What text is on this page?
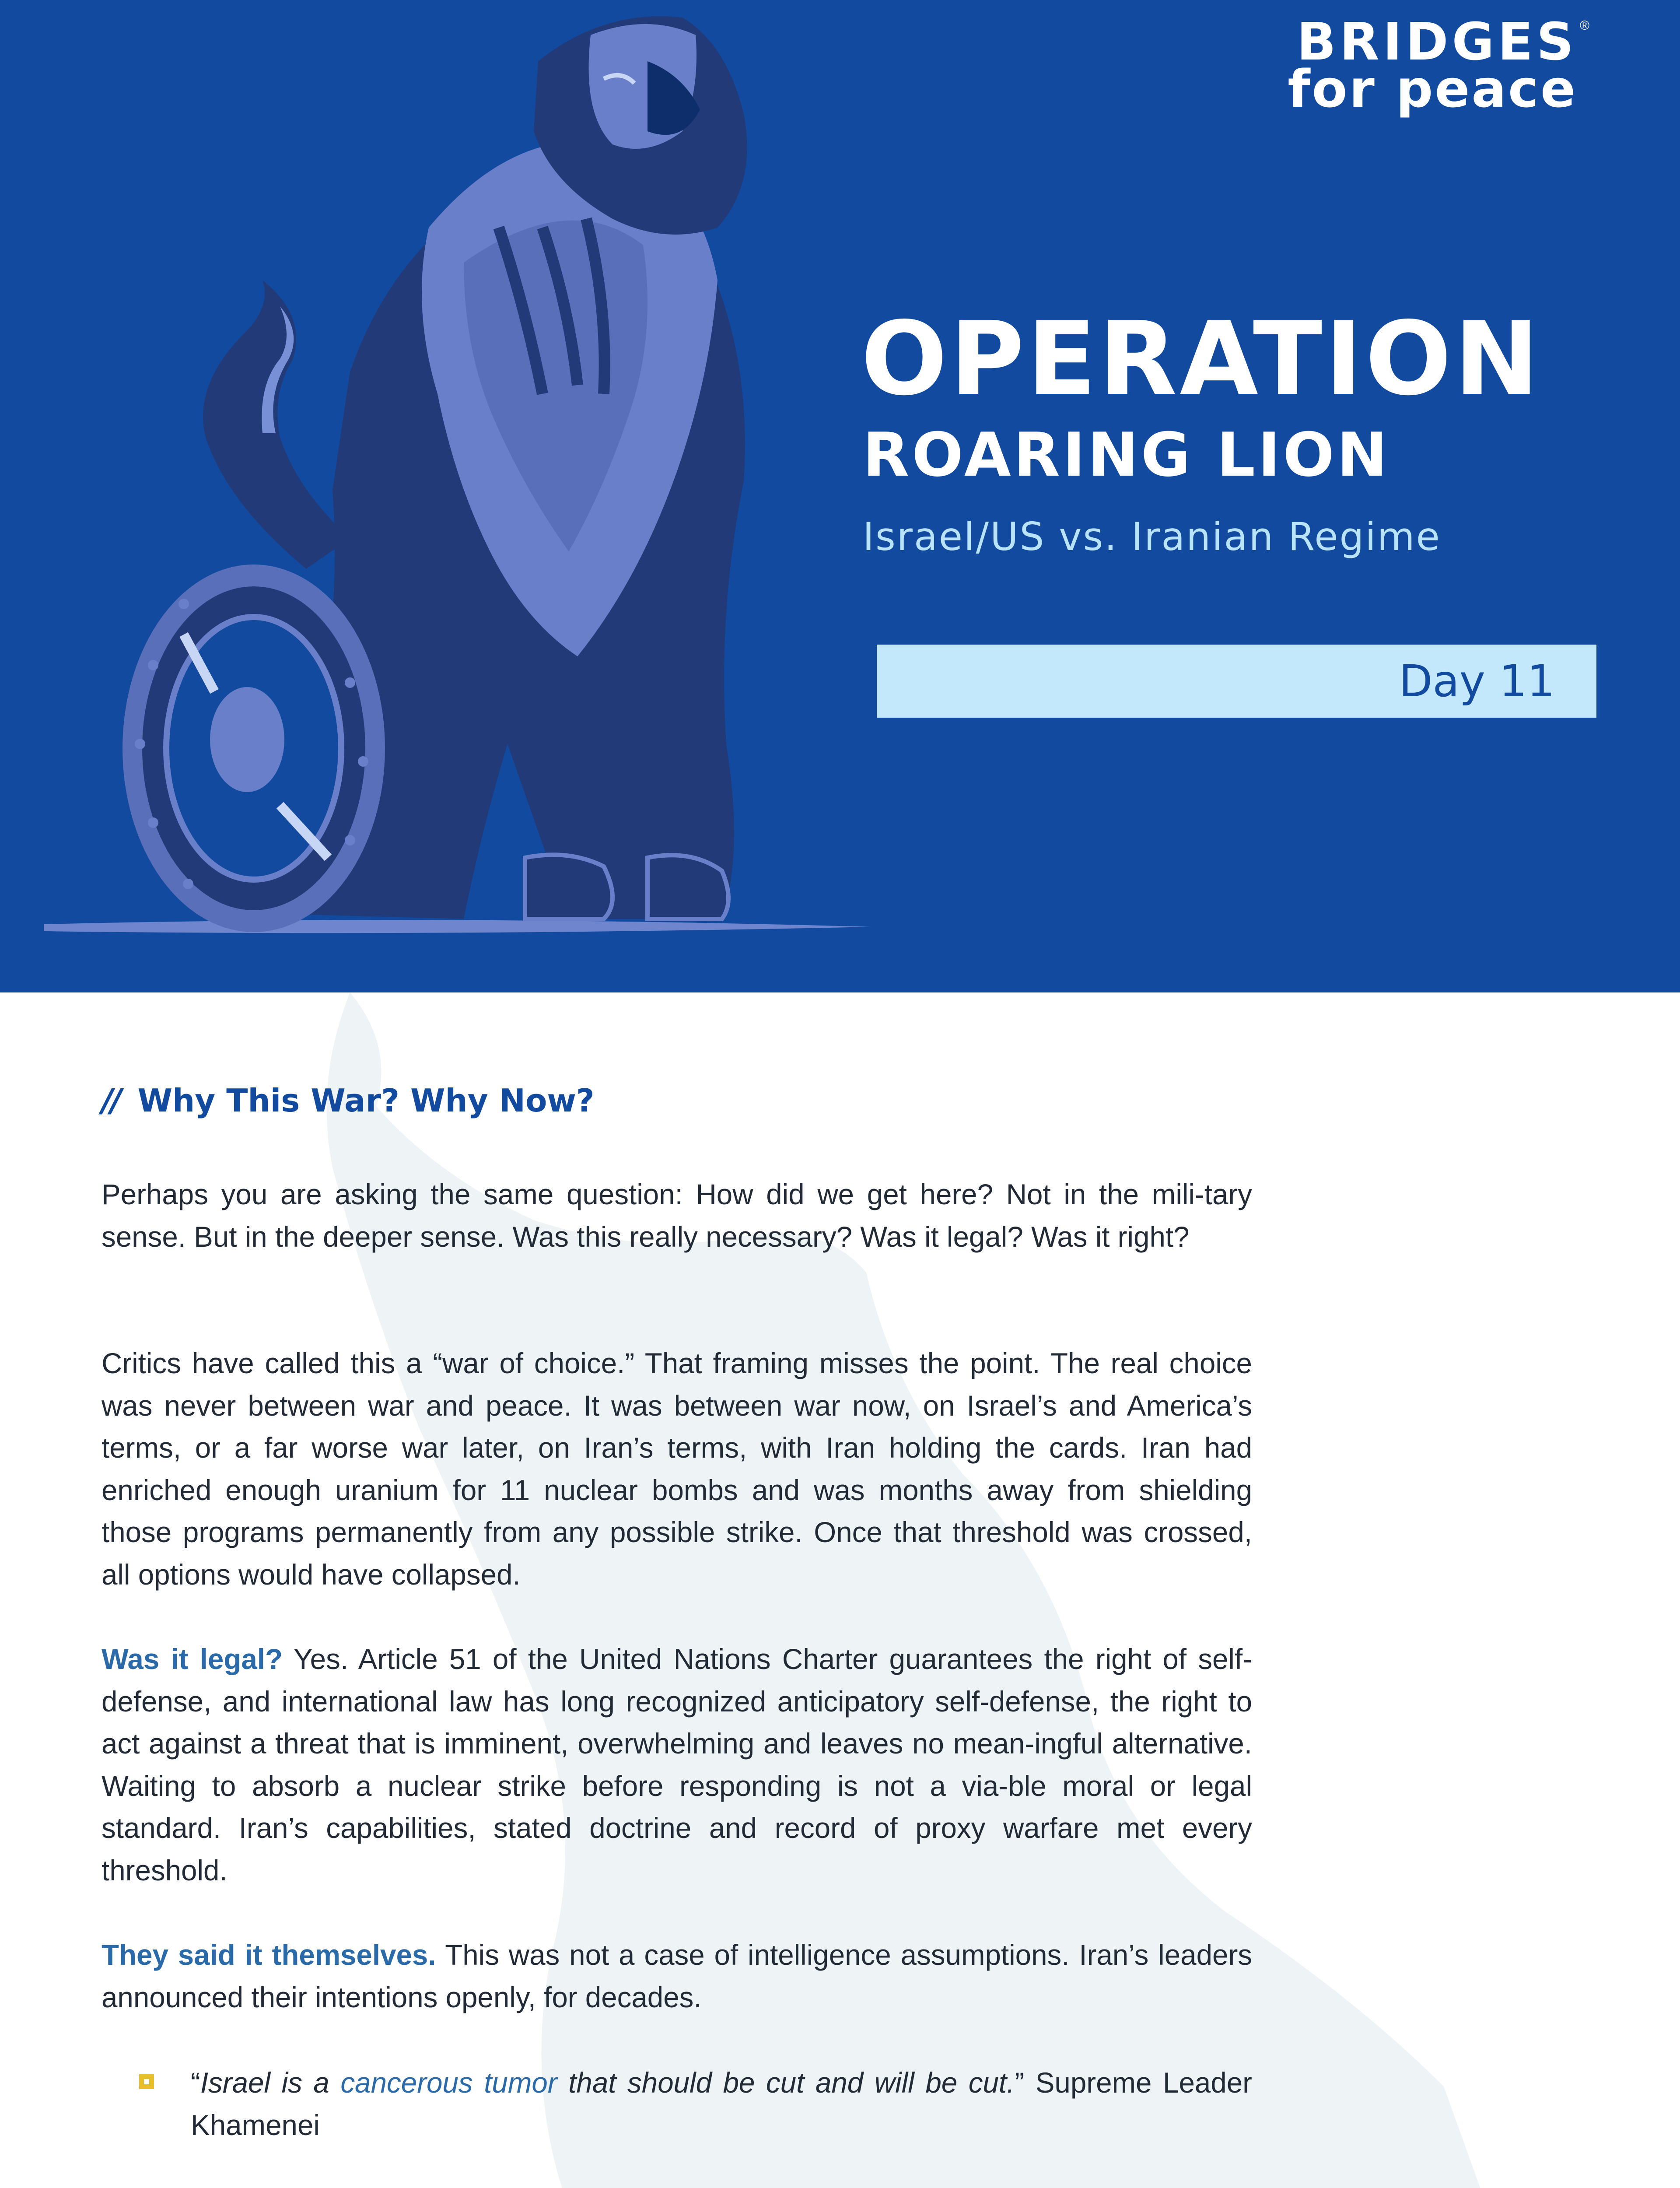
BRIDGES
for peace
®
OPERATION
ROARING LION
Israel/US vs. Iranian Regime
Day 11
// Why This War? Why Now?

Perhaps you are asking the same question: How did we get here? Not in the mili-tary sense. But in the deeper sense. Was this really necessary? Was it legal? Was it right?

Critics have called this a “war of choice.” That framing misses the point. The real choice was never between war and peace. It was between war now, on Israel’s and America’s terms, or a far worse war later, on Iran’s terms, with Iran holding the cards. Iran had enriched enough uranium for 11 nuclear bombs and was months away from shielding those programs permanently from any possible strike. Once that threshold was crossed, all options would have collapsed.

Was it legal? Yes. Article 51 of the United Nations Charter guarantees the right of self-defense, and international law has long recognized anticipatory self-defense, the right to act against a threat that is imminent, overwhelming and leaves no mean-ingful alternative. Waiting to absorb a nuclear strike before responding is not a via-ble moral or legal standard. Iran’s capabilities, stated doctrine and record of proxy warfare met every threshold.

They said it themselves. This was not a case of intelligence assumptions. Iran’s leaders announced their intentions openly, for decades.

“Israel is a cancerous tumor that should be cut and will be cut.” Supreme Leader Khamenei
